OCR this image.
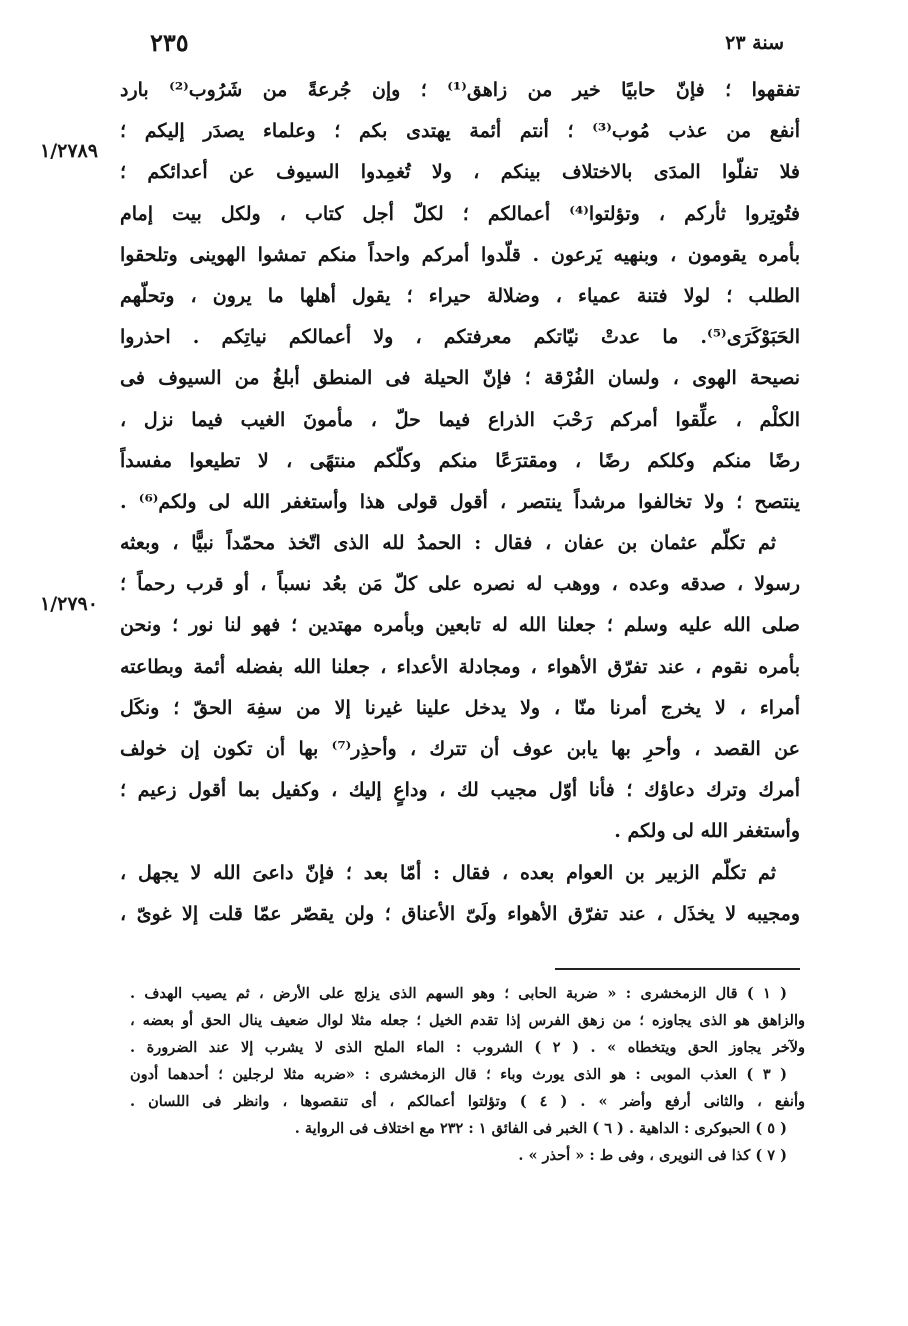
٢٣٥	سنة ٢٣
١/٢٧٨٩
١/٢٧٩٠
تفقهوا ؛ فإنّ حابيًا خير من زاهق⁽¹⁾ ؛ وإن جُرعةً من شَرُوب⁽²⁾ بارد
أنفع من عذب مُوب⁽³⁾ ؛ أنتم أئمة يهتدى بكم ؛ وعلماء يصدَر إليكم ؛
فلا تفلّوا المدَى بالاختلاف بينكم ، ولا تُغمِدوا السيوف عن أعدائكم ؛
فتُوتِروا ثأركم ، وتؤلتوا⁽⁴⁾ أعمالكم ؛ لكلّ أجل كتاب ، ولكل بيت إمام
بأمره يقومون ، وبنهيه يَرعون . قلّدوا أمركم واحداً منكم تمشوا الهوينى وتلحقوا
الطلب ؛ لولا فتنة عمياء ، وضلالة حيراء ؛ يقول أهلها ما يرون ، وتحلّهم
الحَبَوْكَرَى⁽⁵⁾. ما عدتْ نيّاتكم معرفتكم ، ولا أعمالكم نياتِكم . احذروا
نصيحة الهوى ، ولسان الفُرْقة ؛ فإنّ الحيلة فى المنطق أبلغُ من السيوف فى
الكلْم ، علِّقوا أمركم رَحْبَ الذراع فيما حلّ ، مأمونَ الغيب فيما نزل ،
رضًا منكم وكلكم رضًا ، ومقترَعًا منكم وكلّكم منتهًى ، لا تطيعوا مفسداً
ينتصح ؛ ولا تخالفوا مرشداً ينتصر ، أقول قولى هذا وأستغفر الله لى ولكم⁽⁶⁾ .
ثم تكلّم عثمان بن عفان ، فقال : الحمدُ لله الذى اتّخذ محمّداً نبيًّا ، وبعثه
رسولا ، صدقه وعده ، ووهب له نصره على كلّ مَن بعُد نسباً ، أو قرب رحماً ؛
صلى الله عليه وسلم ؛ جعلنا الله له تابعين وبأمره مهتدين ؛ فهو لنا نور ؛ ونحن
بأمره نقوم ، عند تفرّق الأهواء ، ومجادلة الأعداء ، جعلنا الله بفضله أئمة وبطاعته
أمراء ، لا يخرج أمرنا منّا ، ولا يدخل علينا غيرنا إلا من سفِهَ الحقّ ؛ ونكَل
عن القصد ، وأحرِ بها يابن عوف أن تترك ، وأحذِر⁽⁷⁾ بها أن تكون إن خولف
أمرك وترك دعاؤك ؛ فأنا أوّل مجيب لك ، وداعٍ إليك ، وكفيل بما أقول زعيم ؛
وأستغفر الله لى ولكم .
ثم تكلّم الزبير بن العوام بعده ، فقال : أمّا بعد ؛ فإنّ داعىَ الله لا يجهل ،
ومجيبه لا يخذَل ، عند تفرّق الأهواء ولَىّ الأعناق ؛ ولن يقصّر عمّا قلت إلا غوىّ ،
( ١ ) قال الزمخشرى : « ضربة الحابى ؛ وهو السهم الذى يزلج على الأرض ، ثم يصيب الهدف .
والزاهق هو الذى يجاوزه ؛ من زهق الفرس إذا تقدم الخيل ؛ جعله مثلا لوال ضعيف ينال الحق أو بعضه ،
ولآخر يجاوز الحق ويتخطاه » . ( ٢ ) الشروب : الماء الملح الذى لا يشرب إلا عند الضرورة .
( ٣ ) العذب الموبى : هو الذى يورث وباء ؛ قال الزمخشرى : «ضربه مثلا لرجلين ؛ أحدهما أدون
وأنفع ، والثانى أرفع وأضر » . ( ٤ ) وتؤلتوا أعمالكم ، أى تنقصوها ، وانظر فى اللسان .
( ٥ ) الحبوكرى : الداهية . ( ٦ ) الخبر فى الفائق ١ : ٢٣٢ مع اختلاف فى الرواية .
( ٧ ) كذا فى النويرى ، وفى ط : « أحذر » .
